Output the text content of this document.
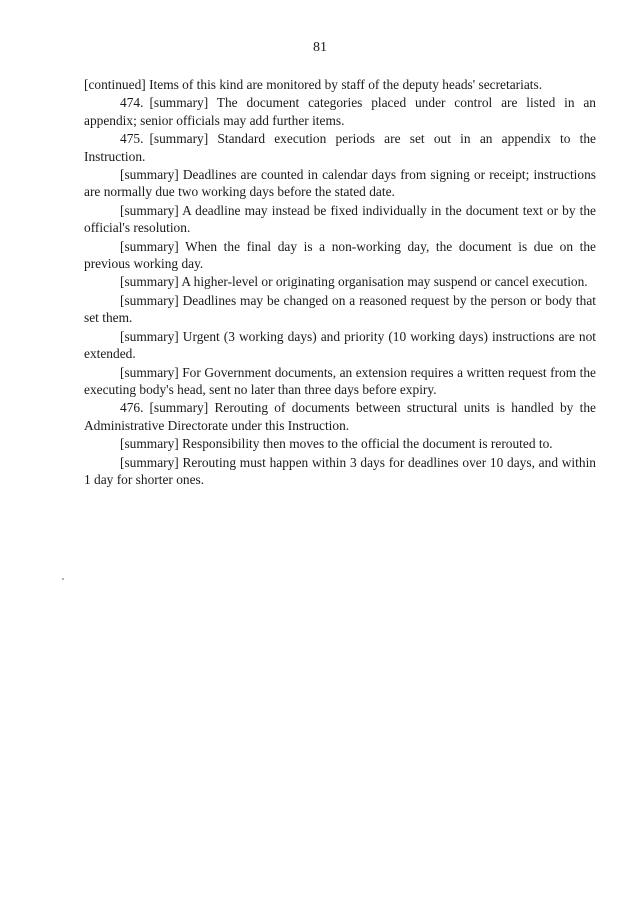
81

[continued] Items of this kind are monitored by staff of the deputy heads' secretariats.

474. [summary] The document categories placed under control are listed in an appendix; senior officials may add further items.

475. [summary] Standard execution periods are set out in an appendix to the Instruction.

[summary] Deadlines are counted in calendar days from signing or receipt; instructions are normally due two working days before the stated date.

[summary] A deadline may instead be fixed individually in the document text or by the official's resolution.

[summary] When the final day is a non-working day, the document is due on the previous working day.

[summary] A higher-level or originating organisation may suspend or cancel execution.

[summary] Deadlines may be changed on a reasoned request by the person or body that set them.

[summary] Urgent (3 working days) and priority (10 working days) instructions are not extended.

[summary] For Government documents, an extension requires a written request from the executing body's head, sent no later than three days before expiry.

476. [summary] Rerouting of documents between structural units is handled by the Administrative Directorate under this Instruction.

[summary] Responsibility then moves to the official the document is rerouted to.

[summary] Rerouting must happen within 3 days for deadlines over 10 days, and within 1 day for shorter ones.
